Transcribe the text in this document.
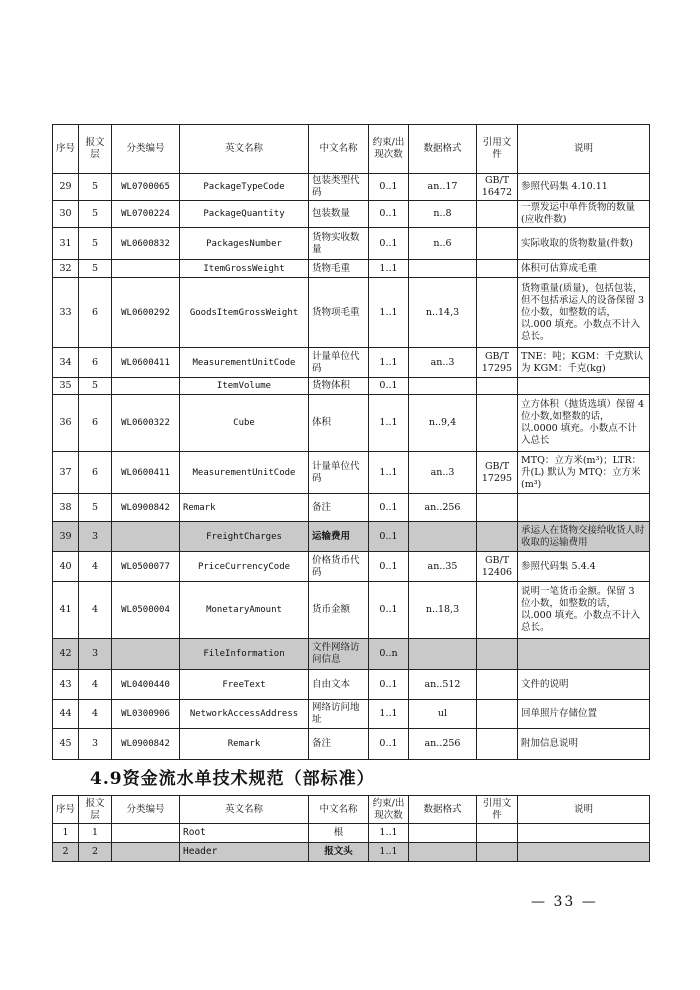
序号	报文层	分类编号	英文名称	中文名称	约束/出现次数	数据格式	引用文件	说明
29	5	WL0700065	PackageTypeCode	包装类型代码	0..1	an..17	GB/T 16472	参照代码集 4.10.11
30	5	WL0700224	PackageQuantity	包装数量	0..1	n..8		一票发运中单件货物的数量(应收件数)
31	5	WL0600832	PackagesNumber	货物实收数量	0..1	n..6		实际收取的货物数量(件数)
32	5		ItemGrossWeight	货物毛重	1..1			体积可估算成毛重
33	6	WL0600292	GoodsItemGrossWeight	货物项毛重	1..1	n..14,3		货物重量(质量)，包括包装，但不包括承运人的设备保留 3 位小数，如整数的话，以.000 填充。小数点不计入总长。
34	6	WL0600411	MeasurementUnitCode	计量单位代码	1..1	an..3	GB/T 17295	TNE：吨；KGM：千克默认为 KGM：千克(kg)
35	5		ItemVolume	货物体积	0..1			
36	6	WL0600322	Cube	体积	1..1	n..9,4		立方体积（抛货选填）保留 4 位小数,如整数的话，以.0000 填充。小数点不计入总长
37	6	WL0600411	MeasurementUnitCode	计量单位代码	1..1	an..3	GB/T 17295	MTQ：立方米(m³)；LTR：升(L) 默认为 MTQ：立方米(m³)
38	5	WL0900842	Remark	备注	0..1	an..256		
39	3		FreightCharges	运输费用	0..1			承运人在货物交接给收货人时收取的运输费用
40	4	WL0500077	PriceCurrencyCode	价格货币代码	0..1	an..35	GB/T 12406	参照代码集 5.4.4
41	4	WL0500004	MonetaryAmount	货币金额	0..1	n..18,3		说明一笔货币金额。保留 3 位小数，如整数的话，以.000 填充。小数点不计入总长。
42	3		FileInformation	文件网络访问信息	0..n			
43	4	WL0400440	FreeText	自由文本	0..1	an..512		文件的说明
44	4	WL0300906	NetworkAccessAddress	网络访问地址	1..1	ul		回单照片存储位置
45	3	WL0900842	Remark	备注	0..1	an..256		附加信息说明
4.9资金流水单技术规范（部标准）
序号	报文层	分类编号	英文名称	中文名称	约束/出现次数	数据格式	引用文件	说明
1	1		Root	根	1..1			
2	2		Header	报文头	1..1			
— 33 —
